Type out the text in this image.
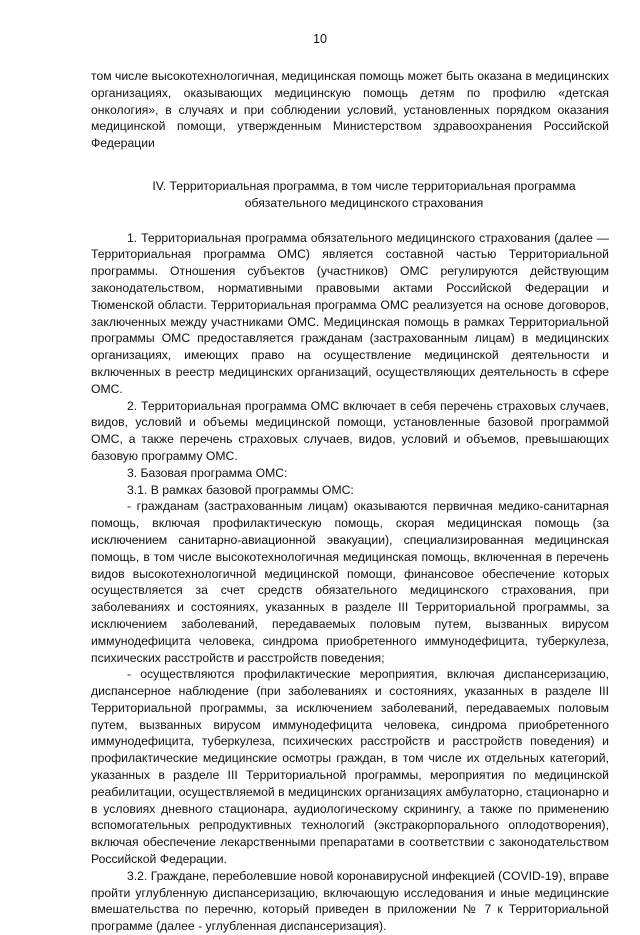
10

том числе высокотехнологичная, медицинская помощь может быть оказана в медицинских организациях, оказывающих медицинскую помощь детям по профилю «детская онкология», в случаях и при соблюдении условий, установленных порядком оказания медицинской помощи, утвержденным Министерством здравоохранения Российской Федерации

IV. Территориальная программа, в том числе территориальная программа
обязательного медицинского страхования

1. Территориальная программа обязательного медицинского страхования (далее — Территориальная программа ОМС) является составной частью Территориальной программы. Отношения субъектов (участников) ОМС регулируются действующим законодательством, нормативными правовыми актами Российской Федерации и Тюменской области. Территориальная программа ОМС реализуется на основе договоров, заключенных между участниками ОМС. Медицинская помощь в рамках Территориальной программы ОМС предоставляется гражданам (застрахованным лицам) в медицинских организациях, имеющих право на осуществление медицинской деятельности и включенных в реестр медицинских организаций, осуществляющих деятельность в сфере ОМС.

2. Территориальная программа ОМС включает в себя перечень страховых случаев, видов, условий и объемы медицинской помощи, установленные базовой программой ОМС, а также перечень страховых случаев, видов, условий и объемов, превышающих базовую программу ОМС.

3. Базовая программа ОМС:

3.1. В рамках базовой программы ОМС:

- гражданам (застрахованным лицам) оказываются первичная медико-санитарная помощь, включая профилактическую помощь, скорая медицинская помощь (за исключением санитарно-авиационной эвакуации), специализированная медицинская помощь, в том числе высокотехнологичная медицинская помощь, включенная в перечень видов высокотехнологичной медицинской помощи, финансовое обеспечение которых осуществляется за счет средств обязательного медицинского страхования, при заболеваниях и состояниях, указанных в разделе III Территориальной программы, за исключением заболеваний, передаваемых половым путем, вызванных вирусом иммунодефицита человека, синдрома приобретенного иммунодефицита, туберкулеза, психических расстройств и расстройств поведения;

- осуществляются профилактические мероприятия, включая диспансеризацию, диспансерное наблюдение (при заболеваниях и состояниях, указанных в разделе III Территориальной программы, за исключением заболеваний, передаваемых половым путем, вызванных вирусом иммунодефицита человека, синдрома приобретенного иммунодефицита, туберкулеза, психических расстройств и расстройств поведения) и профилактические медицинские осмотры граждан, в том числе их отдельных категорий, указанных в разделе III Территориальной программы, мероприятия по медицинской реабилитации, осуществляемой в медицинских организациях амбулаторно, стационарно и в условиях дневного стационара, аудиологическому скринингу, а также по применению вспомогательных репродуктивных технологий (экстракорпорального оплодотворения), включая обеспечение лекарственными препаратами в соответствии с законодательством Российской Федерации.

3.2. Граждане, переболевшие новой коронавирусной инфекцией (COVID-19), вправе пройти углубленную диспансеризацию, включающую исследования и иные медицинские вмешательства по перечню, который приведен в приложении № 7 к Территориальной программе (далее - углубленная диспансеризация).
